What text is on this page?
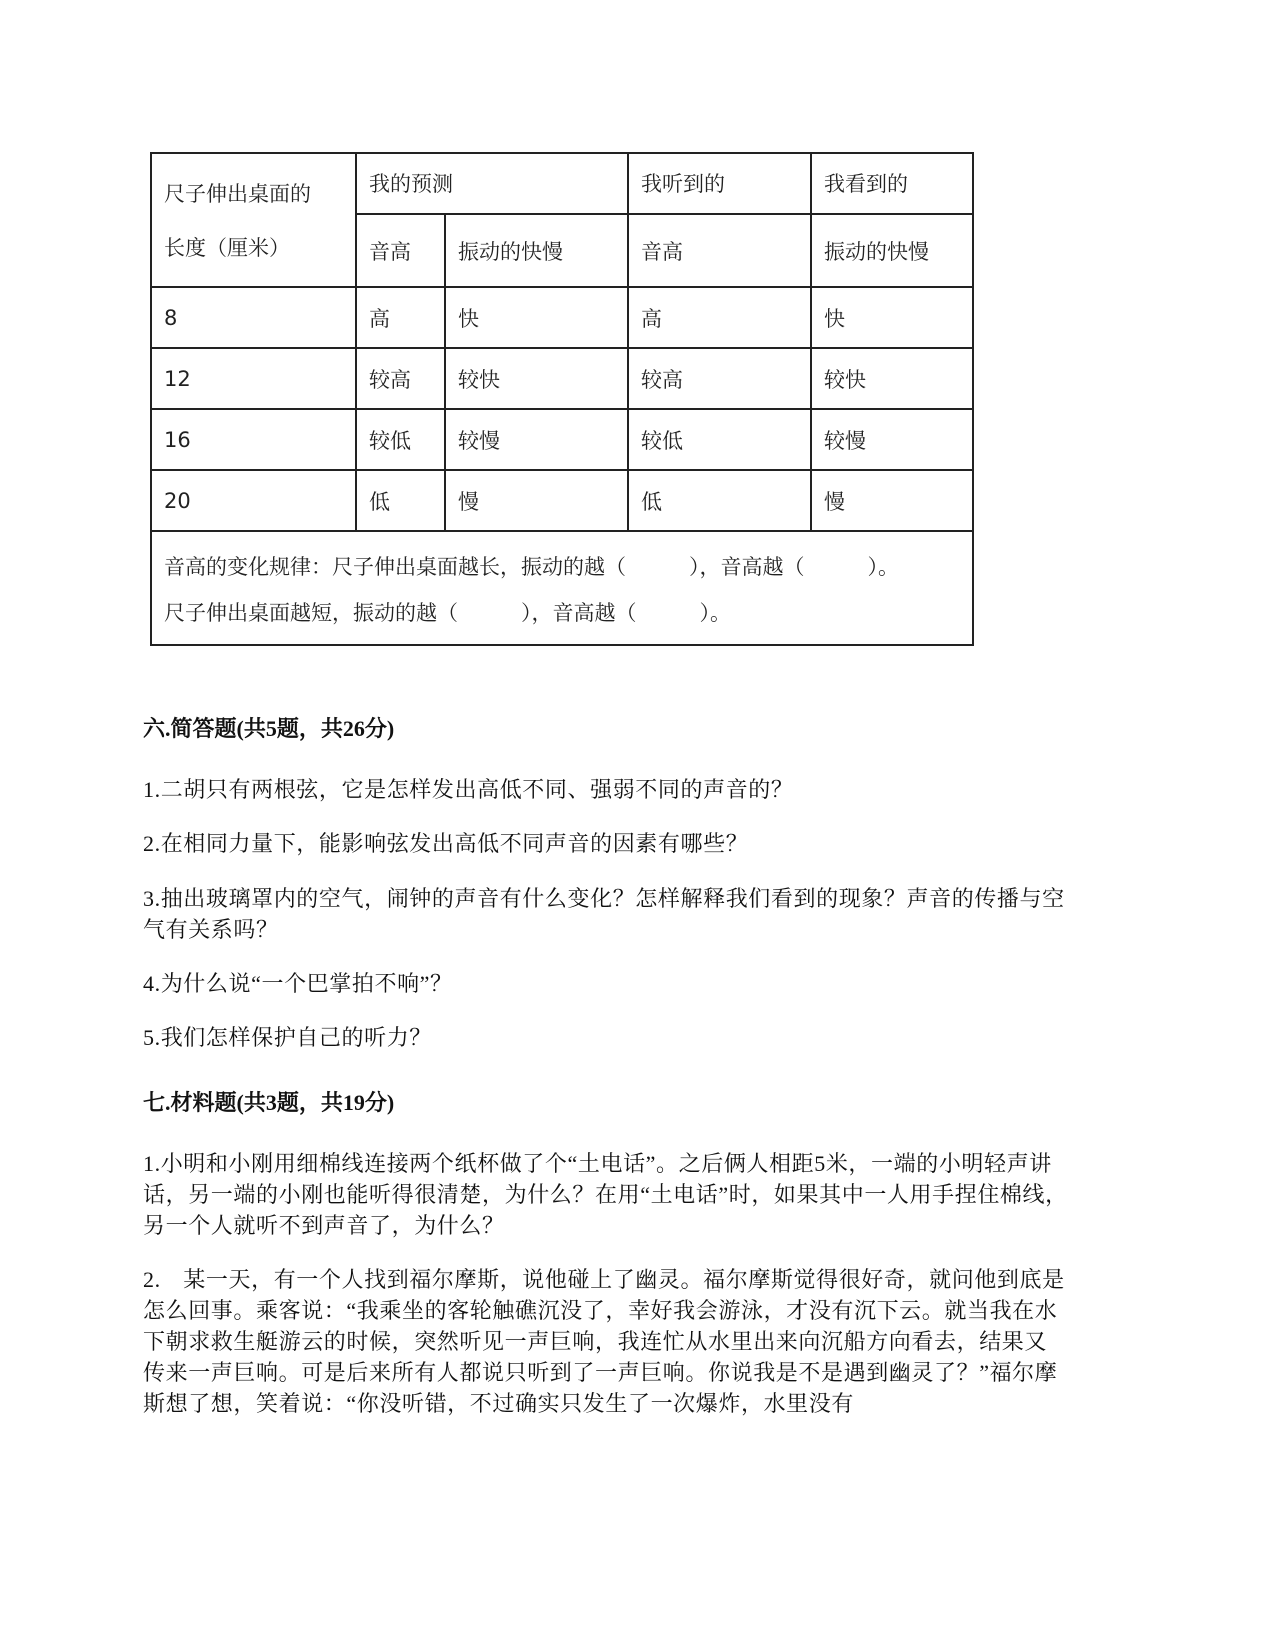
尺子伸出桌面的
长度（厘米）	我的预测		我听到的	我看到的
	音高	振动的快慢	音高	振动的快慢
8	高	快	高	快
12	较高	较快	较高	较快
16	较低	较慢	较低	较慢
20	低	慢	低	慢

音高的变化规律：尺子伸出桌面越长，振动的越（　　　），音高越（　　　）。
尺子伸出桌面越短，振动的越（　　　），音高越（　　　）。				
六.简答题(共5题，共26分)
1.二胡只有两根弦，它是怎样发出高低不同、强弱不同的声音的？
2.在相同力量下，能影响弦发出高低不同声音的因素有哪些？
3.抽出玻璃罩内的空气，闹钟的声音有什么变化？怎样解释我们看到的现象？声音的传播与空气有关系吗？
4.为什么说“一个巴掌拍不响”？
5.我们怎样保护自己的听力？
七.材料题(共3题，共19分)
1.小明和小刚用细棉线连接两个纸杯做了个“土电话”。之后俩人相距5米，一端的小明轻声讲话，另一端的小刚也能听得很清楚，为什么？在用“土电话”时，如果其中一人用手捏住棉线，另一个人就听不到声音了，为什么？
2.　某一天，有一个人找到福尔摩斯，说他碰上了幽灵。福尔摩斯觉得很好奇，就问他到底是怎么回事。乘客说：“我乘坐的客轮触礁沉没了，幸好我会游泳，才没有沉下云。就当我在水下朝求救生艇游云的时候，突然听见一声巨响，我连忙从水里出来向沉船方向看去，结果又传来一声巨响。可是后来所有人都说只听到了一声巨响。你说我是不是遇到幽灵了？”福尔摩斯想了想，笑着说：“你没听错，不过确实只发生了一次爆炸，水里没有
